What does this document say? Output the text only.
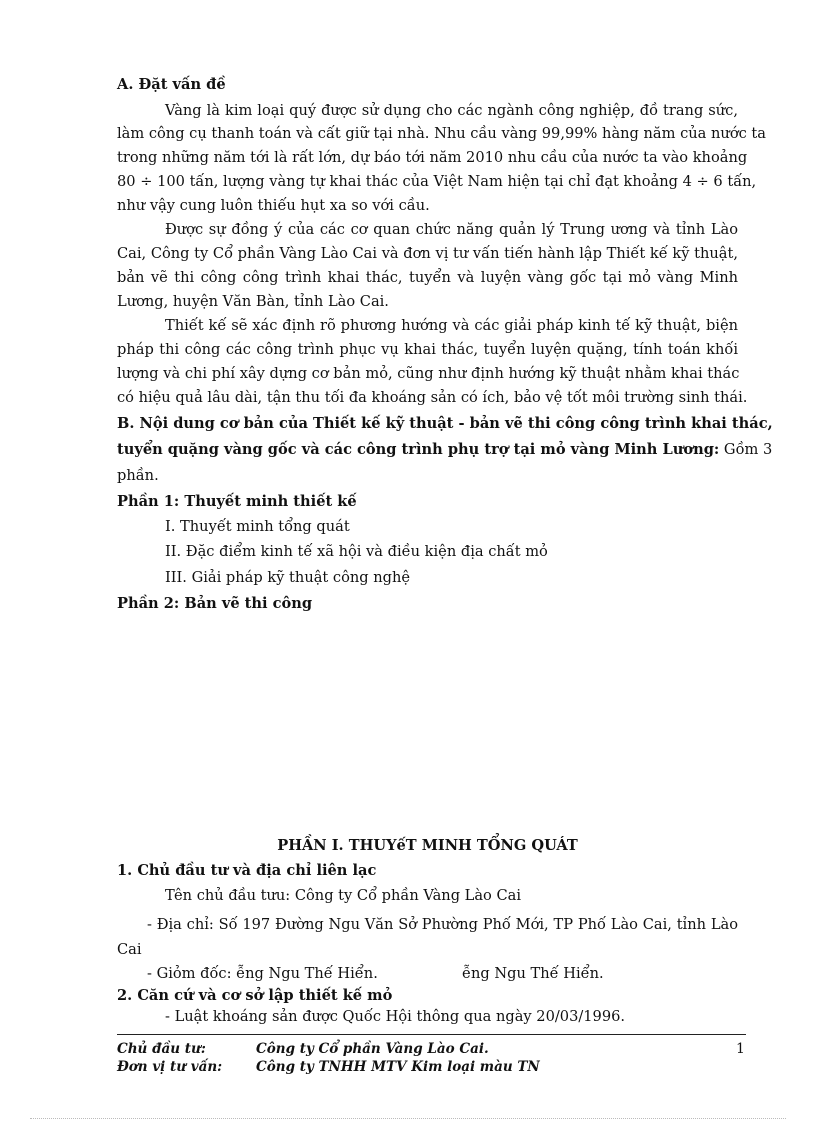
A. Đặt vấn đề
Vàng là kim loại quý được sử dụng cho các ngành công nghiệp, đồ trang sức,
làm công cụ thanh toán và cất giữ tại nhà. Nhu cầu vàng 99,99% hàng năm của nước ta
trong những năm tới là rất lớn, dự báo tới năm 2010 nhu cầu của nước ta vào khoảng
80 ÷ 100 tấn, lượng vàng tự khai thác của Việt Nam hiện tại chỉ đạt khoảng 4 ÷ 6 tấn,
như vậy cung luôn thiếu hụt xa so với cầu.
Được sự đồng ý của các cơ quan chức năng quản lý Trung ương và tỉnh Lào
Cai, Công ty Cổ phần Vàng Lào Cai và đơn vị tư vấn tiến hành lập Thiết kế kỹ thuật,
bản vẽ thi công công trình khai thác, tuyển và luyện vàng gốc tại mỏ vàng Minh
Lương, huyện Văn Bàn, tỉnh Lào Cai.
Thiết kế sẽ xác định rõ phương hướng và các giải pháp kinh tế kỹ thuật, biện
pháp thi công các công trình phục vụ khai thác, tuyển luyện quặng, tính toán khối
lượng và chi phí xây dựng cơ bản mỏ, cũng như định hướng kỹ thuật nhằm khai thác
có hiệu quả lâu dài, tận thu tối đa khoáng sản có ích, bảo vệ tốt môi trường sinh thái.
B. Nội dung cơ bản của Thiết kế kỹ thuật - bản vẽ thi công công trình khai thác,
tuyển quặng vàng gốc và các công trình phụ trợ tại mỏ vàng Minh Lương: Gồm 3
phần.
Phần 1: Thuyết minh thiết kế
I. Thuyết minh tổng quát
II. Đặc điểm kinh tế xã hội và điều kiện địa chất mỏ
III. Giải pháp kỹ thuật công nghệ
Phần 2: Bản vẽ thi công
PHẦN I. THUYếT MINH TỔNG QUÁT
1. Chủ đầu tư và địa chỉ liên lạc
Tên chủ đầu tưu: Công ty Cổ phần Vàng Lào Cai
- Địa chỉ: Số 197 Đường Ngu Văn Sở Phường Phố Mới, TP Phố Lào Cai, tỉnh Lào
Cai
- Giỏm đốc: ễng Ngu Thế Hiển.	ễng Ngu Thế Hiển.
2. Căn cứ và cơ sở lập thiết kế mỏ
- Luật khoáng sản được Quốc Hội thông qua ngày 20/03/1996.
Chủ đầu tư:	Công ty Cổ phần Vàng Lào Cai.	1
Đơn vị tư vấn:	Công ty TNHH MTV Kim loại màu TN
